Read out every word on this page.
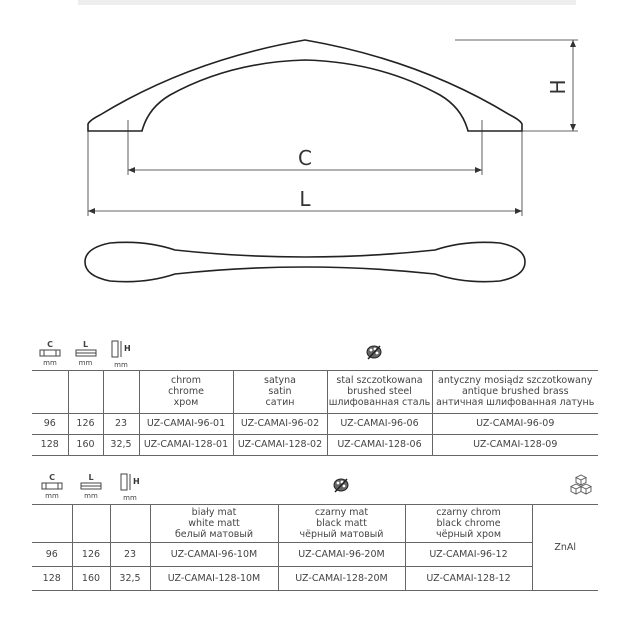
H
C
L
C
mm	L
mm	H
mm

			chrom
chrome
хром	satyna
satin
сатин	stal szczotkowana
brushed steel
шлифованная сталь	antyczny mosiądz szczotkowany
antique brushed brass
античная шлифованная латунь
96	126	23	UZ-CAMAI-96-01	UZ-CAMAI-96-02	UZ-CAMAI-96-06	UZ-CAMAI-96-09
128	160	32,5	UZ-CAMAI-128-01	UZ-CAMAI-128-02	UZ-CAMAI-128-06	UZ-CAMAI-128-09

C
mm	L
mm	H
mm

			biały mat
white matt
белый матовый	czarny mat
black matt
чёрный матовый	czarny chrom
black chrome
чёрный хром	ZnAl
96	126	23	UZ-CAMAI-96-10M	UZ-CAMAI-96-20M	UZ-CAMAI-96-12	
128	160	32,5	UZ-CAMAI-128-10M	UZ-CAMAI-128-20M	UZ-CAMAI-128-12	
